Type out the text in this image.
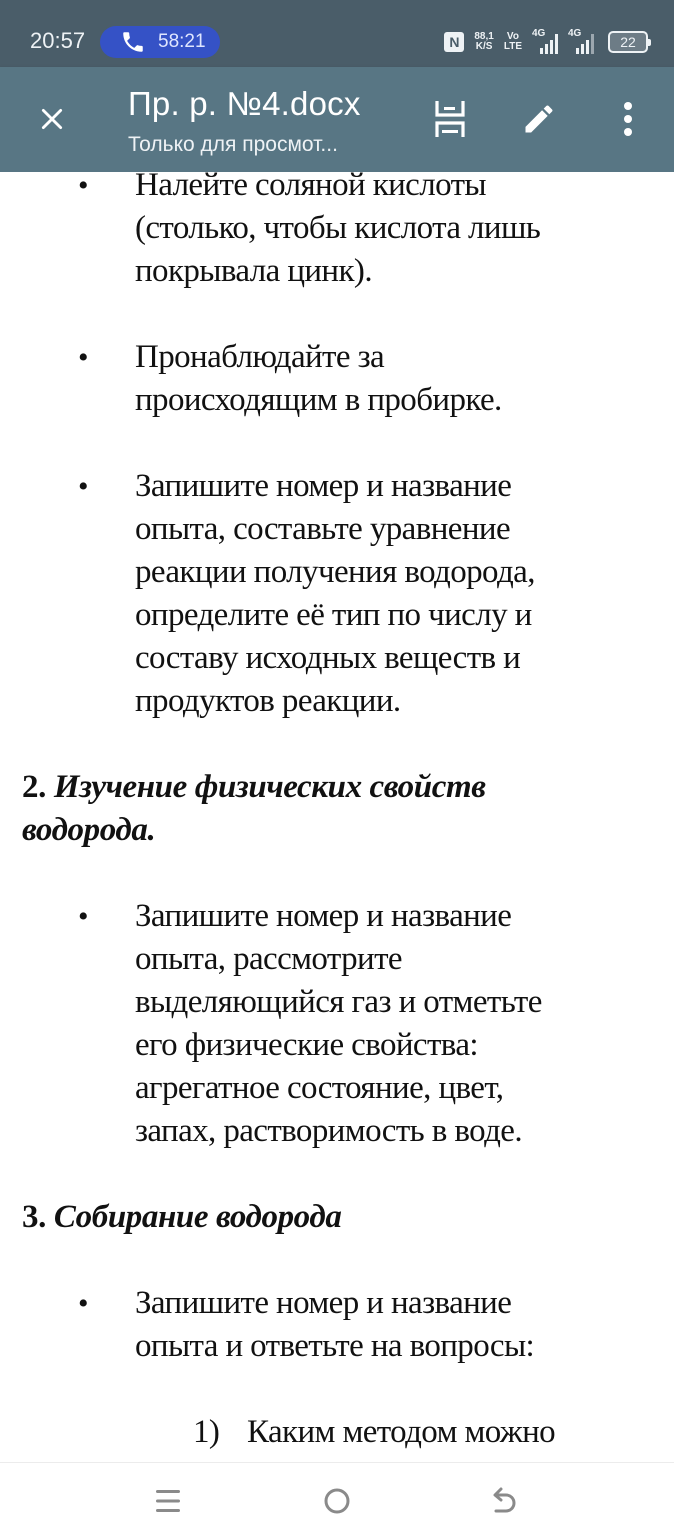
20:57	58:21	N	88,1
K/S
Vo
LTE
4G 4G
22
Пр. р. №4.docx
Только для просмот...
• Налейте соляной кислоты
(столько, чтобы кислота лишь
покрывала цинк).
• Пронаблюдайте за
происходящим в пробирке.
• Запишите номер и название
опыта, составьте уравнение
реакции получения водорода,
определите её тип по числу и
составу исходных веществ и
продуктов реакции.
2. Изучение физических свойств
водорода.
• Запишите номер и название
опыта, рассмотрите
выделяющийся газ и отметьте
его физические свойства:
агрегатное состояние, цвет,
запах, растворимость в воде.
3. Собирание водорода
• Запишите номер и название
опыта и ответьте на вопросы:
1) Каким методом можно
